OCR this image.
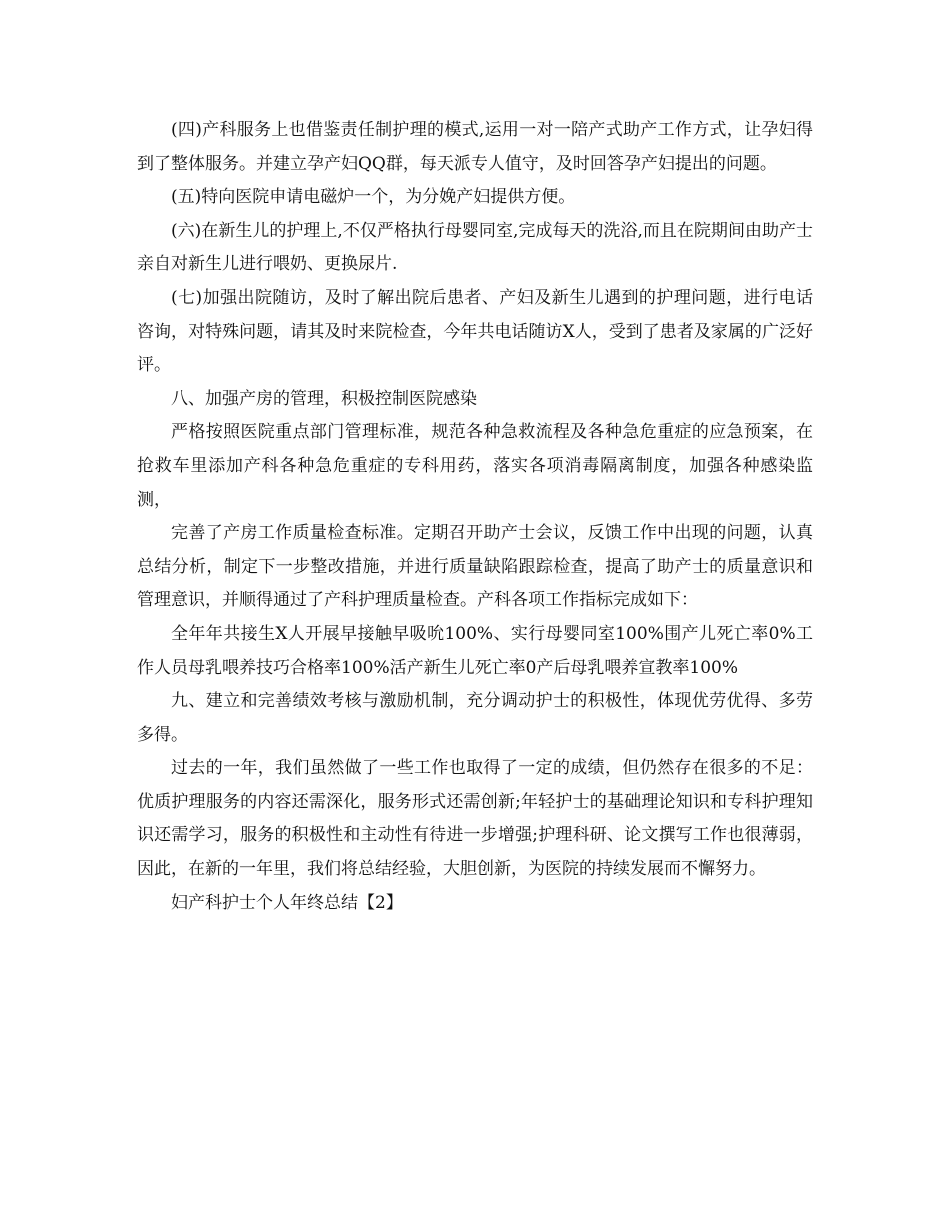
(四)产科服务上也借鉴责任制护理的模式,运用一对一陪产式助产工作方式，让孕妇得到了整体服务。并建立孕产妇QQ群，每天派专人值守，及时回答孕产妇提出的问题。

(五)特向医院申请电磁炉一个，为分娩产妇提供方便。

(六)在新生儿的护理上,不仅严格执行母婴同室,完成每天的洗浴,而且在院期间由助产士亲自对新生儿进行喂奶、更换尿片.

(七)加强出院随访，及时了解出院后患者、产妇及新生儿遇到的护理问题，进行电话咨询，对特殊问题，请其及时来院检查，今年共电话随访X人，受到了患者及家属的广泛好评。

八、加强产房的管理，积极控制医院感染

严格按照医院重点部门管理标准，规范各种急救流程及各种急危重症的应急预案，在抢救车里添加产科各种急危重症的专科用药，落实各项消毒隔离制度，加强各种感染监测，

完善了产房工作质量检查标准。定期召开助产士会议，反馈工作中出现的问题，认真总结分析，制定下一步整改措施，并进行质量缺陷跟踪检查，提高了助产士的质量意识和管理意识，并顺得通过了产科护理质量检查。产科各项工作指标完成如下：

全年年共接生X人开展早接触早吸吮100%、实行母婴同室100%围产儿死亡率0%工作人员母乳喂养技巧合格率100%活产新生儿死亡率0产后母乳喂养宣教率100%

九、建立和完善绩效考核与激励机制，充分调动护士的积极性，体现优劳优得、多劳多得。

过去的一年，我们虽然做了一些工作也取得了一定的成绩，但仍然存在很多的不足：优质护理服务的内容还需深化，服务形式还需创新;年轻护士的基础理论知识和专科护理知识还需学习，服务的积极性和主动性有待进一步增强;护理科研、论文撰写工作也很薄弱，因此，在新的一年里，我们将总结经验，大胆创新，为医院的持续发展而不懈努力。

妇产科护士个人年终总结【2】
